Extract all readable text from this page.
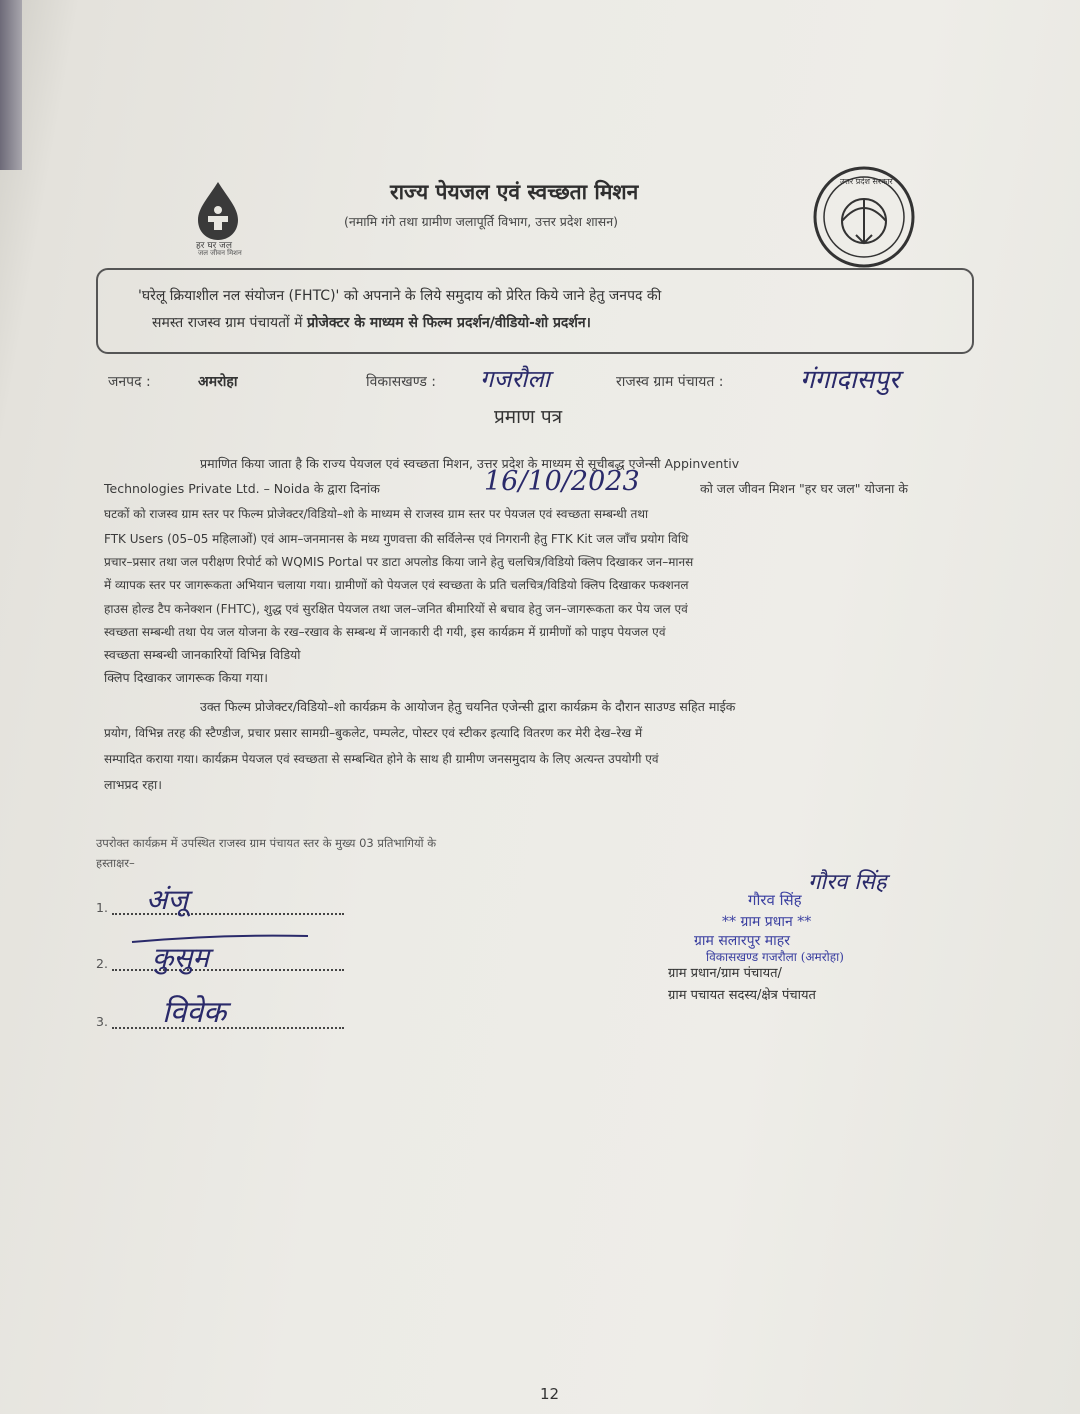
हर घर जल
जल जीवन मिशन
उत्तर प्रदेश सरकार
राज्य पेयजल एवं स्वच्छता मिशन
(नमामि गंगे तथा ग्रामीण जलापूर्ति विभाग, उत्तर प्रदेश शासन)
'घरेलू क्रियाशील नल संयोजन (FHTC)' को अपनाने के लिये समुदाय को प्रेरित किये जाने हेतु जनपद की
समस्त राजस्व ग्राम पंचायतों में प्रोजेक्टर के माध्यम से फिल्म प्रदर्शन/वीडियो-शो प्रदर्शन।
जनपद :	अमरोहा	विकासखण्ड : गजरौला	राजस्व ग्राम पंचायत :	गंगादासपुर
प्रमाण पत्र
प्रमाणित किया जाता है कि राज्य पेयजल एवं स्वच्छता मिशन, उत्तर प्रदेश के माध्यम से सूचीबद्ध एजेन्सी Appinventiv
Technologies Private Ltd. – Noida के द्वारा दिनांक	16/10/2023	को जल जीवन मिशन "हर घर जल" योजना के
घटकों को राजस्व ग्राम स्तर पर फिल्म प्रोजेक्टर/विडियो–शो के माध्यम से राजस्व ग्राम स्तर पर पेयजल एवं स्वच्छता सम्बन्धी तथा
FTK Users (05–05 महिलाओं) एवं आम–जनमानस के मध्य गुणवत्ता की सर्विलेन्स एवं निगरानी हेतु FTK Kit जल जाँच प्रयोग विधि
प्रचार–प्रसार तथा जल परीक्षण रिपोर्ट को WQMIS Portal पर डाटा अपलोड किया जाने हेतु चलचित्र/विडियो क्लिप दिखाकर जन–मानस
में व्यापक स्तर पर जागरूकता अभियान चलाया गया। ग्रामीणों को पेयजल एवं स्वच्छता के प्रति चलचित्र/विडियो क्लिप दिखाकर फक्शनल
हाउस होल्ड टैप कनेक्शन (FHTC), शुद्ध एवं सुरक्षित पेयजल तथा जल–जनित बीमारियों से बचाव हेतु जन–जागरूकता कर पेय जल एवं
स्वच्छता सम्बन्धी तथा पेय जल योजना के रख–रखाव के सम्बन्ध में जानकारी दी गयी, इस कार्यक्रम में ग्रामीणों को पाइप पेयजल एवं
स्वच्छता सम्बन्धी जानकारियों विभिन्न विडियो
क्लिप दिखाकर जागरूक किया गया।
उक्त फिल्म प्रोजेक्टर/विडियो–शो कार्यक्रम के आयोजन हेतु चयनित एजेन्सी द्वारा कार्यक्रम के दौरान साउण्ड सहित माईक
प्रयोग, विभिन्न तरह की स्टैण्डीज, प्रचार प्रसार सामग्री–बुकलेट, पम्पलेट, पोस्टर एवं स्टीकर इत्यादि वितरण कर मेरी देख–रेख में
सम्पादित कराया गया। कार्यक्रम पेयजल एवं स्वच्छता से सम्बन्धित होने के साथ ही ग्रामीण जनसमुदाय के लिए अत्यन्त उपयोगी एवं
लाभप्रद रहा।
उपरोक्त कार्यक्रम में उपस्थित राजस्व ग्राम पंचायत स्तर के मुख्य 03 प्रतिभागियों के
हस्ताक्षर–
1. अंजू
2. कुसुम
3. विवेक
गौरव सिंह
गौरव सिंह
** ग्राम प्रधान **
ग्राम सलारपुर माहर
विकासखण्ड गजरौला (अमरोहा)
ग्राम प्रधान/ग्राम पंचायत/
ग्राम पचायत सदस्य/क्षेत्र पंचायत
12
